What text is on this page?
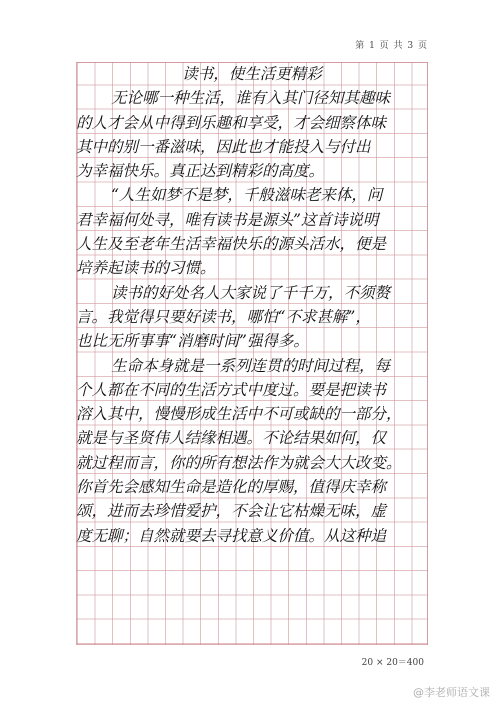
第 1 页 共 3 页
读书，使生活更精彩
无论哪一种生活，谁有入其门径知其趣味
的人才会从中得到乐趣和享受，才会细察体味
其中的别一番滋味，因此也才能投入与付出
为幸福快乐。真正达到精彩的高度。
“人生如梦不是梦，千般滋味老来体，问
君幸福何处寻，唯有读书是源头”这首诗说明
人生及至老年生活幸福快乐的源头活水，便是
培养起读书的习惯。
读书的好处名人大家说了千千万，不须赘
言。我觉得只要好读书，哪怕“不求甚解”，
也比无所事事“消磨时间”强得多。
生命本身就是一系列连贯的时间过程，每
个人都在不同的生活方式中度过。要是把读书
溶入其中，慢慢形成生活中不可或缺的一部分，
就是与圣贤伟人结缘相遇。不论结果如何，仅
就过程而言，你的所有想法作为就会大大改变。
你首先会感知生命是造化的厚赐，值得庆幸称
颂，进而去珍惜爱护，不会让它枯燥无味，虚
度无聊；自然就要去寻找意义价值。从这种追
20 × 20＝400
@李老师语文课
